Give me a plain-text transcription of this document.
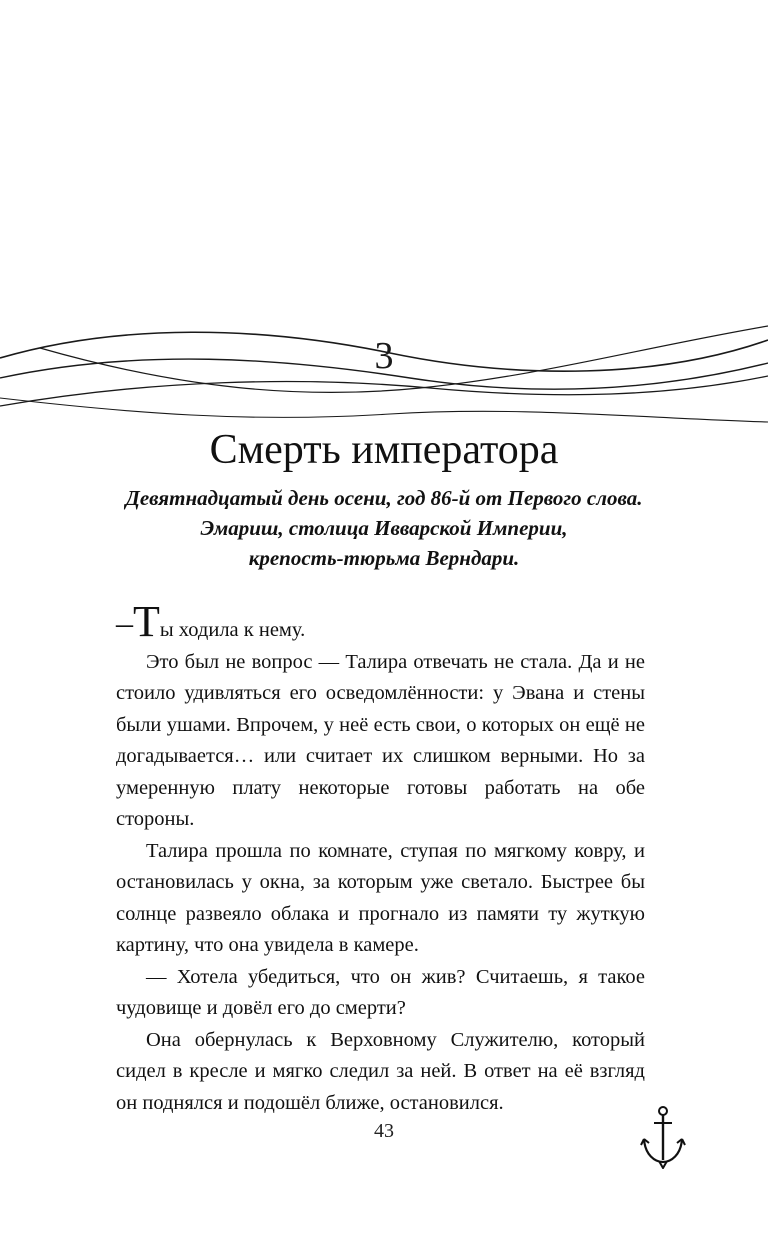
3
Смерть императора
Девятнадцатый день осени, год 86-й от Первого слова.
Эмариш, столица Ивварской Империи,
крепость-тюрьма Верндари.

–Ты ходила к нему.

Это был не вопрос — Талира отвечать не стала. Да и не стоило удивляться его осведомлённости: у Эвана и стены были ушами. Впрочем, у неё есть свои, о которых он ещё не догадывается… или считает их слишком верными. Но за умеренную плату некоторые готовы работать на обе стороны.

Талира прошла по комнате, ступая по мягкому ковру, и остановилась у окна, за которым уже светало. Быстрее бы солнце развеяло облака и прогнало из памяти ту жуткую картину, что она увидела в камере.

— Хотела убедиться, что он жив? Считаешь, я такое чудовище и довёл его до смерти?

Она обернулась к Верховному Служителю, который сидел в кресле и мягко следил за ней. В ответ на её взгляд он поднялся и подошёл ближе, остановился.

43
